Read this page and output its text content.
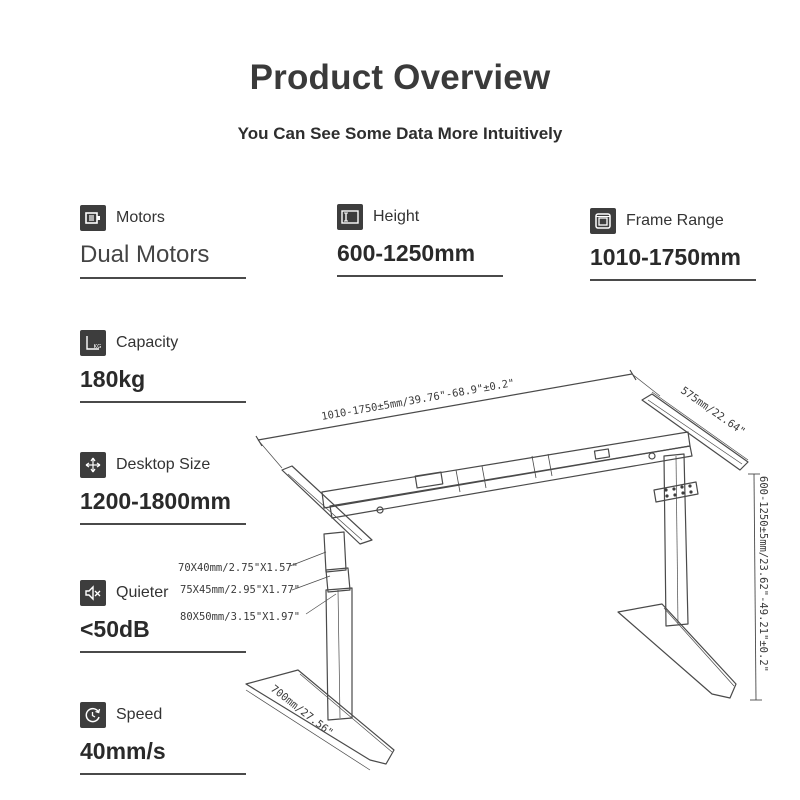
Product Overview
You Can See Some Data More Intuitively
Motors
Dual Motors
Height
600-1250mm
Frame Range
1010-1750mm
KG Capacity
180kg
Desktop Size
1200-1800mm
Quieter
<50dB
Speed
40mm/s
1010-1750±5mm/39.76"-68.9"±0.2"	575mm/22.64"
600-1250±5mm/23.62"-49.21"±0.2"
700mm/27.56"
70X40mm/2.75"X1.57"
75X45mm/2.95"X1.77"
80X50mm/3.15"X1.97"
